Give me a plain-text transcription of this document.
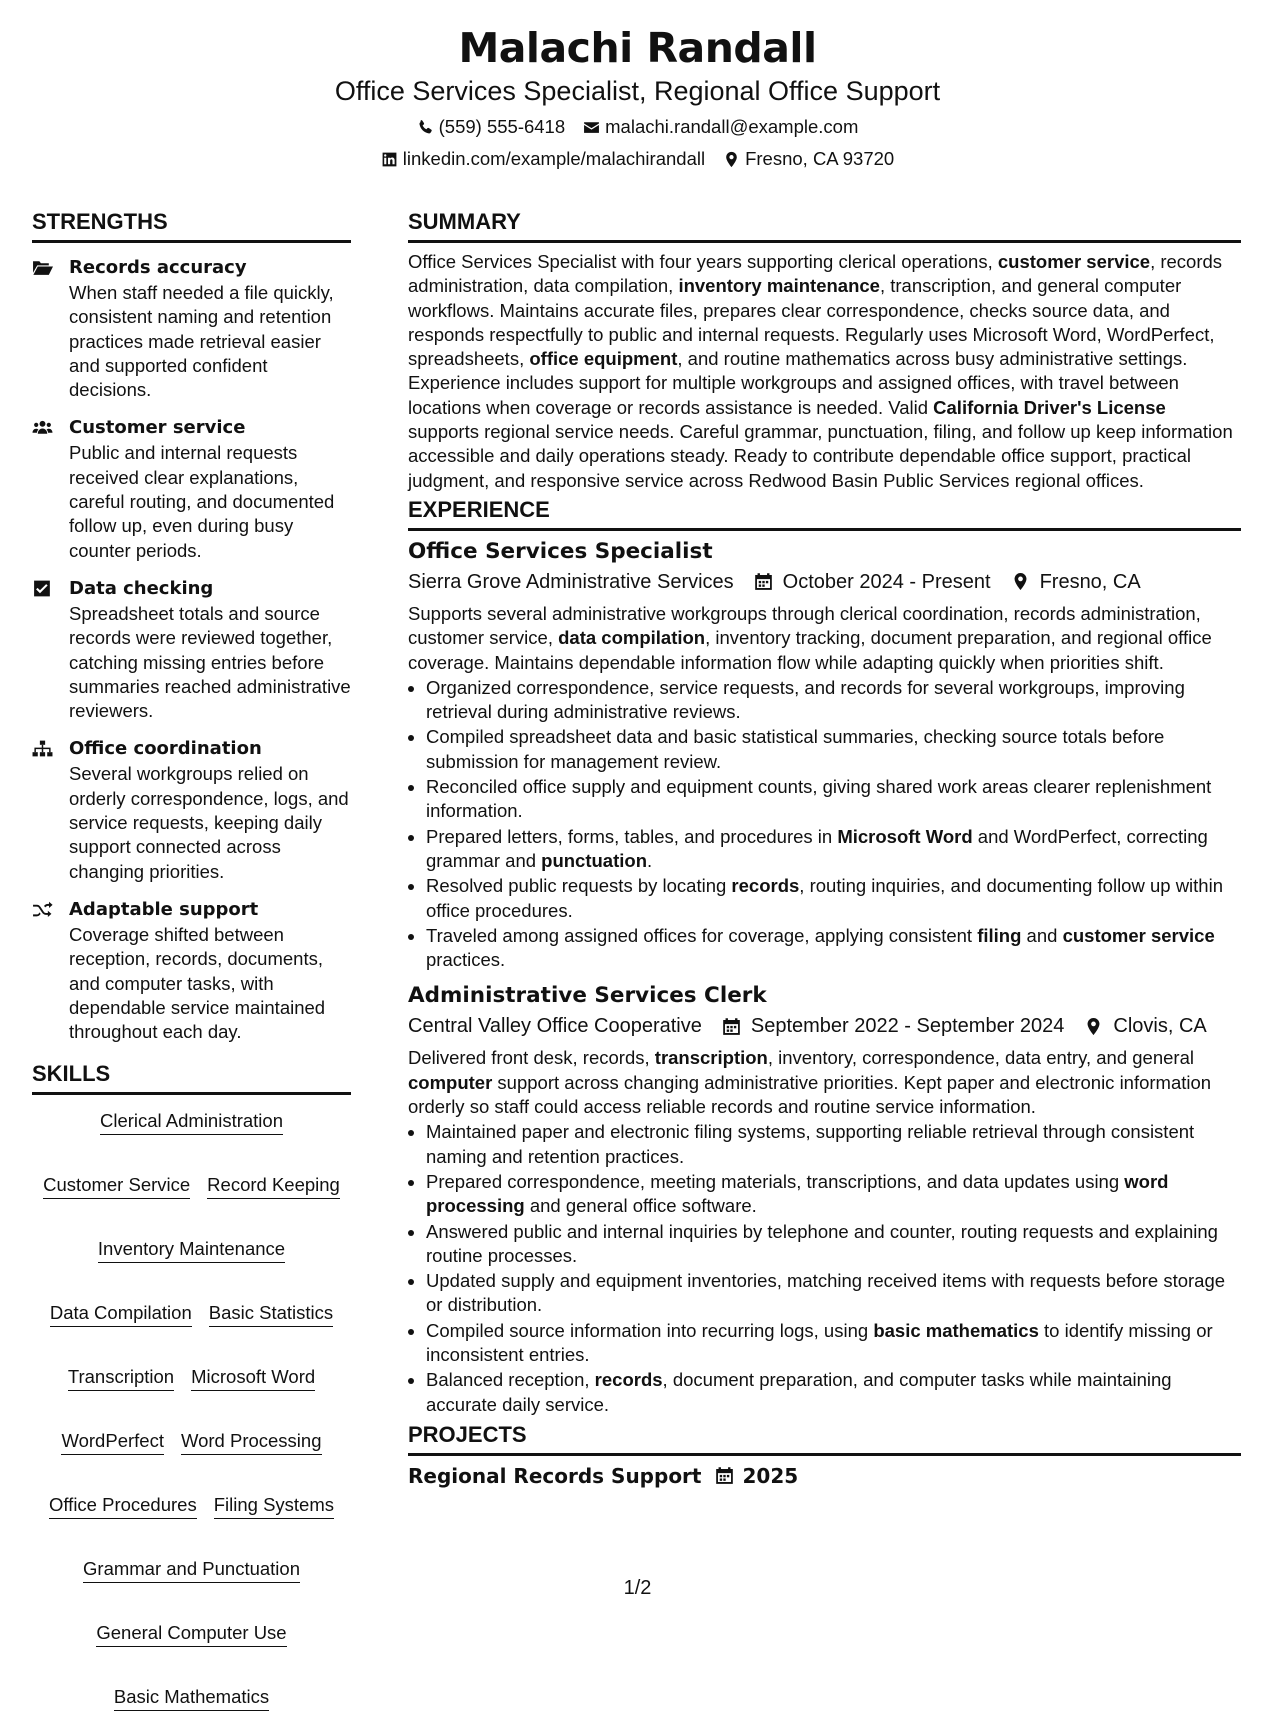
Malachi Randall
Office Services Specialist, Regional Office Support
(559) 555-6418 malachi.randall@example.com
linkedin.com/example/malachirandall Fresno, CA 93720
STRENGTHS
Records accuracy
When staff needed a file quickly, consistent naming and retention practices made retrieval easier and supported confident decisions.
Customer service
Public and internal requests received clear explanations, careful routing, and documented follow up, even during busy counter periods.
Data checking
Spreadsheet totals and source records were reviewed together, catching missing entries before summaries reached administrative reviewers.
Office coordination
Several workgroups relied on orderly correspondence, logs, and service requests, keeping daily support connected across changing priorities.
Adaptable support
Coverage shifted between reception, records, documents, and computer tasks, with dependable service maintained throughout each day.
SKILLS
Clerical Administration
Customer Service Record Keeping
Inventory Maintenance
Data Compilation Basic Statistics
Transcription Microsoft Word
WordPerfect Word Processing
Office Procedures Filing Systems
Grammar and Punctuation
General Computer Use
Basic Mathematics
SUMMARY
Office Services Specialist with four years supporting clerical operations, customer service, records administration, data compilation, inventory maintenance, transcription, and general computer workflows. Maintains accurate files, prepares clear correspondence, checks source data, and responds respectfully to public and internal requests. Regularly uses Microsoft Word, WordPerfect, spreadsheets, office equipment, and routine mathematics across busy administrative settings. Experience includes support for multiple workgroups and assigned offices, with travel between locations when coverage or records assistance is needed. Valid California Driver's License supports regional service needs. Careful grammar, punctuation, filing, and follow up keep information accessible and daily operations steady. Ready to contribute dependable office support, practical judgment, and responsive service across Redwood Basin Public Services regional offices.
EXPERIENCE
Office Services Specialist
Sierra Grove Administrative Services October 2024 - Present Fresno, CA
Supports several administrative workgroups through clerical coordination, records administration, customer service, data compilation, inventory tracking, document preparation, and regional office coverage. Maintains dependable information flow while adapting quickly when priorities shift.
• Organized correspondence, service requests, and records for several workgroups, improving retrieval during administrative reviews.
• Compiled spreadsheet data and basic statistical summaries, checking source totals before submission for management review.
• Reconciled office supply and equipment counts, giving shared work areas clearer replenishment information.
• Prepared letters, forms, tables, and procedures in Microsoft Word and WordPerfect, correcting grammar and punctuation.
• Resolved public requests by locating records, routing inquiries, and documenting follow up within office procedures.
• Traveled among assigned offices for coverage, applying consistent filing and customer service practices.
Administrative Services Clerk
Central Valley Office Cooperative September 2022 - September 2024 Clovis, CA
Delivered front desk, records, transcription, inventory, correspondence, data entry, and general computer support across changing administrative priorities. Kept paper and electronic information orderly so staff could access reliable records and routine service information.
• Maintained paper and electronic filing systems, supporting reliable retrieval through consistent naming and retention practices.
• Prepared correspondence, meeting materials, transcriptions, and data updates using word processing and general office software.
• Answered public and internal inquiries by telephone and counter, routing requests and explaining routine processes.
• Updated supply and equipment inventories, matching received items with requests before storage or distribution.
• Compiled source information into recurring logs, using basic mathematics to identify missing or inconsistent entries.
• Balanced reception, records, document preparation, and computer tasks while maintaining accurate daily service.
PROJECTS
Regional Records Support 2025
1/2
